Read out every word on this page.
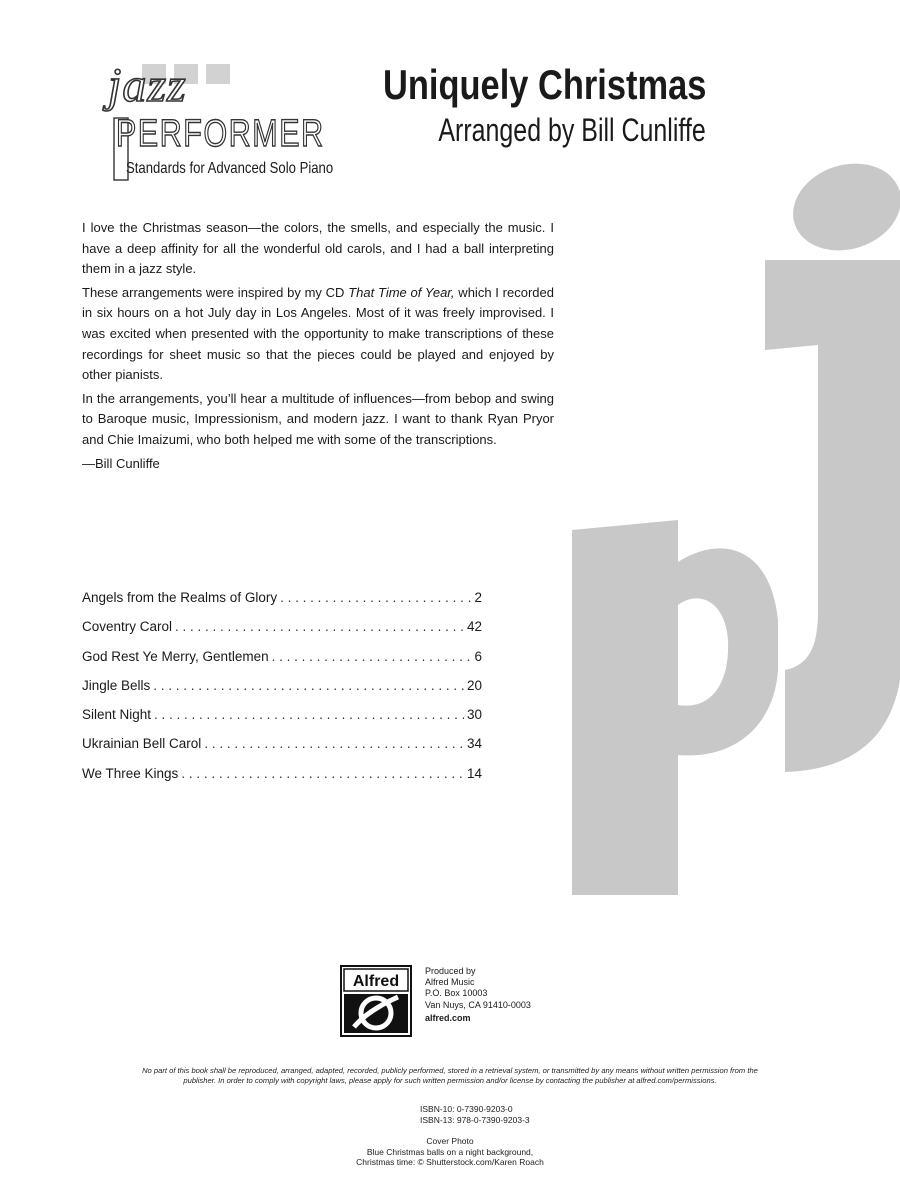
jazz
PERFORMER
Standards for Advanced Solo Piano
Uniquely Christmas
Arranged by Bill Cunliffe

I love the Christmas season—the colors, the smells, and especially the music. I have a deep affinity for all the wonderful old carols, and I had a ball interpreting them in a jazz style.

These arrangements were inspired by my CD That Time of Year, which I recorded in six hours on a hot July day in Los Angeles. Most of it was freely improvised. I was excited when presented with the opportunity to make transcriptions of these recordings for sheet music so that the pieces could be played and enjoyed by other pianists.

In the arrangements, you’ll hear a multitude of influences—from bebop and swing to Baroque music, Impressionism, and modern jazz. I want to thank Ryan Pryor and Chie Imaizumi, who both helped me with some of the transcriptions.

—Bill Cunliffe

Angels from the Realms of Glory . . .	2
Coventry Carol . . .	42
God Rest Ye Merry, Gentlemen . . .	6
Jingle Bells . . .	20
Silent Night . . .	30
Ukrainian Bell Carol . . .	34
We Three Kings . . .	14
Alfred
Produced by
Alfred Music
P.O. Box 10003
Van Nuys, CA 91410-0003
alfred.com
No part of this book shall be reproduced, arranged, adapted, recorded, publicly performed, stored in a retrieval system, or transmitted by any means without written permission from the publisher. In order to comply with copyright laws, please apply for such written permission and/or license by contacting the publisher at alfred.com/permissions.
ISBN-10: 0-7390-9203-0
ISBN-13: 978-0-7390-9203-3
Cover Photo
Blue Christmas balls on a night background,
Christmas time: © Shutterstock.com/Karen Roach
